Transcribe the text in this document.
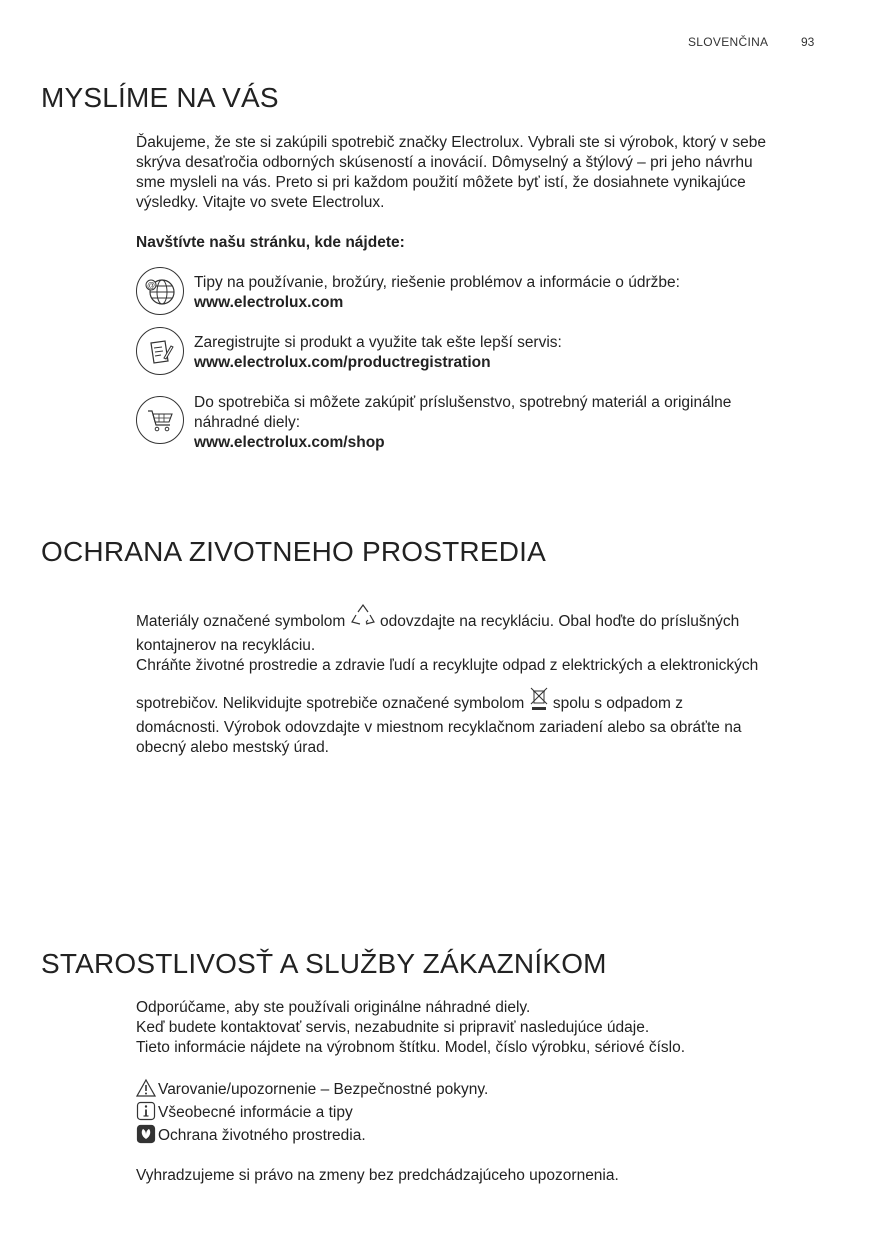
SLOVENČINA	93
MYSLÍME NA VÁS

Ďakujeme, že ste si zakúpili spotrebič značky Electrolux. Vybrali ste si výrobok, ktorý v sebe

skrýva desaťročia odborných skúseností a inovácií. Dômyselný a štýlový – pri jeho návrhu

sme mysleli na vás. Preto si pri každom použití môžete byť istí, že dosiahnete vynikajúce

výsledky. Vitajte vo svete Electrolux.

Navštívte našu stránku, kde nájdete:
@	Tipy na používanie, brožúry, riešenie problémov a informácie o údržbe:
www.electrolux.com
Zaregistrujte si produkt a využite tak ešte lepší servis:
www.electrolux.com/productregistration
Do spotrebiča si môžete zakúpiť príslušenstvo, spotrebný materiál a originálne
náhradné diely:
www.electrolux.com/shop
OCHRANA ZIVOTNEHO PROSTREDIA
Materiály označené symbolom odovzdajte na recykláciu. Obal hoďte do príslušných
kontajnerov na recykláciu.
Chráňte životné prostredie a zdravie ľudí a recyklujte odpad z elektrických a elektronických
spotrebičov. Nelikvidujte spotrebiče označené symbolom spolu s odpadom z
domácnosti. Výrobok odovzdajte v miestnom recyklačnom zariadení alebo sa obráťte na
obecný alebo mestský úrad.
STAROSTLIVOSŤ A SLUŽBY ZÁKAZNÍKOM

Odporúčame, aby ste používali originálne náhradné diely.

Keď budete kontaktovať servis, nezabudnite si pripraviť nasledujúce údaje.

Tieto informácie nájdete na výrobnom štítku. Model, číslo výrobku, sériové číslo.

Varovanie/upozornenie – Bezpečnostné pokyny.
Všeobecné informácie a tipy
Ochrana životného prostredia.
Vyhradzujeme si právo na zmeny bez predchádzajúceho upozornenia.
